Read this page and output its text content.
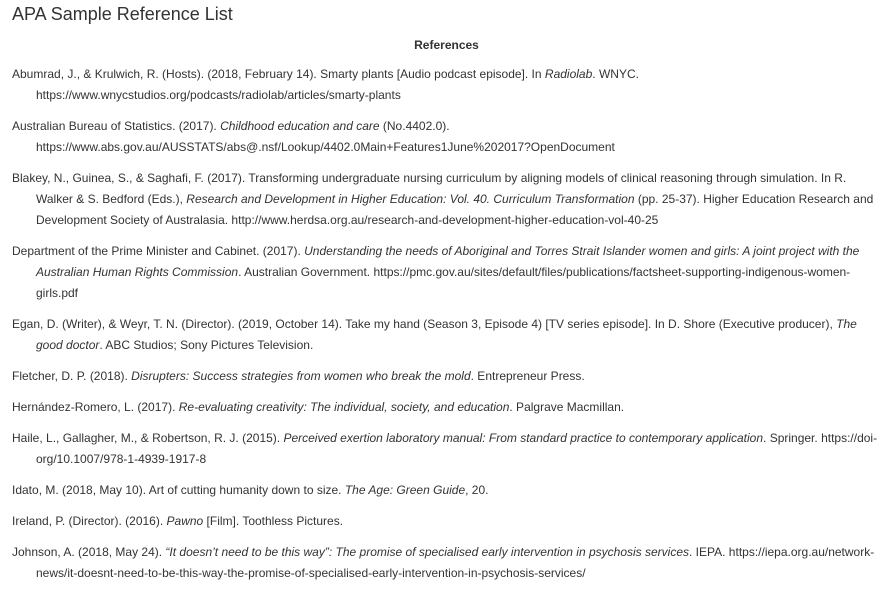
APA Sample Reference List
References
Abumrad, J., & Krulwich, R. (Hosts). (2018, February 14). Smarty plants [Audio podcast episode]. In Radiolab. WNYC. https://www.wnycstudios.org/podcasts/radiolab/articles/smarty-plants
Australian Bureau of Statistics. (2017). Childhood education and care (No.4402.0). https://www.abs.gov.au/AUSSTATS/abs@.nsf/Lookup/4402.0Main+Features1June%202017?OpenDocument
Blakey, N., Guinea, S., & Saghafi, F. (2017). Transforming undergraduate nursing curriculum by aligning models of clinical reasoning through simulation. In R. Walker & S. Bedford (Eds.), Research and Development in Higher Education: Vol. 40. Curriculum Transformation (pp. 25-37). Higher Education Research and Development Society of Australasia. http://www.herdsa.org.au/research-and-development-higher-education-vol-40-25
Department of the Prime Minister and Cabinet. (2017). Understanding the needs of Aboriginal and Torres Strait Islander women and girls: A joint project with the Australian Human Rights Commission. Australian Government. https://pmc.gov.au/sites/default/files/publications/factsheet-supporting-indigenous-women-girls.pdf
Egan, D. (Writer), & Weyr, T. N. (Director). (2019, October 14). Take my hand (Season 3, Episode 4) [TV series episode]. In D. Shore (Executive producer), The good doctor. ABC Studios; Sony Pictures Television.
Fletcher, D. P. (2018). Disrupters: Success strategies from women who break the mold. Entrepreneur Press.
Hernández-Romero, L. (2017). Re-evaluating creativity: The individual, society, and education. Palgrave Macmillan.
Haile, L., Gallagher, M., & Robertson, R. J. (2015). Perceived exertion laboratory manual: From standard practice to contemporary application. Springer. https://doi-org/10.1007/978-1-4939-1917-8
Idato, M. (2018, May 10). Art of cutting humanity down to size. The Age: Green Guide, 20.
Ireland, P. (Director). (2016). Pawno [Film]. Toothless Pictures.
Johnson, A. (2018, May 24). “It doesn’t need to be this way”: The promise of specialised early intervention in psychosis services. IEPA. https://iepa.org.au/network-news/it-doesnt-need-to-be-this-way-the-promise-of-specialised-early-intervention-in-psychosis-services/
